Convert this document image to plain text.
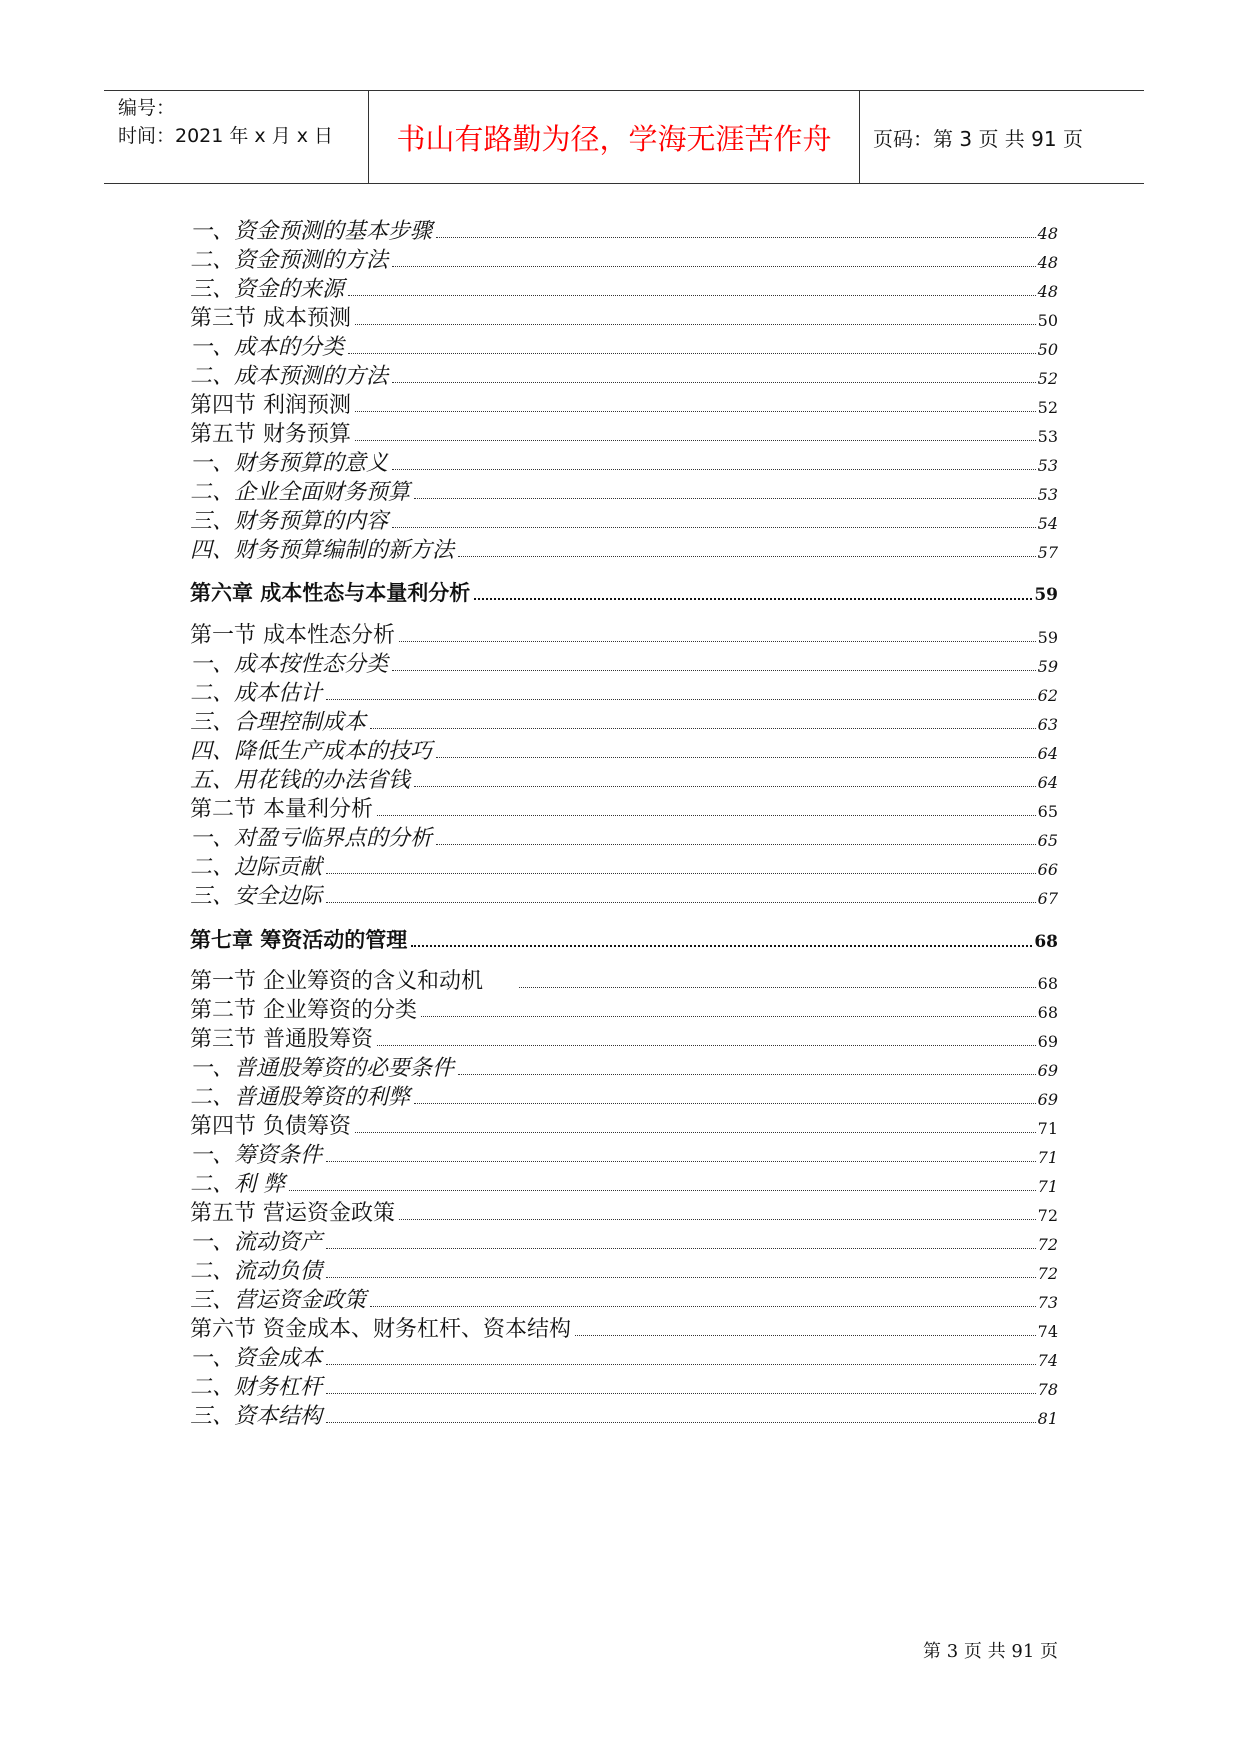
编号：
时间：2021 年 x 月 x 日 书山有路勤为径，学海无涯苦作舟 页码：第 3 页 共 91 页
一、资金预测的基本步骤	48
二、资金预测的方法	48
三、资金的来源	48
第三节 成本预测	50
一、成本的分类	50
二、成本预测的方法	52
第四节 利润预测	52
第五节 财务预算	53
一、财务预算的意义	53
二、企业全面财务预算	53
三、财务预算的内容	54
四、财务预算编制的新方法	57
第六章 成本性态与本量利分析	59
第一节 成本性态分析	59
一、成本按性态分类	59
二、成本估计	62
三、合理控制成本	63
四、降低生产成本的技巧	64
五、用花钱的办法省钱	64
第二节 本量利分析	65
一、对盈亏临界点的分析	65
二、边际贡献	66
三、安全边际	67
第七章 筹资活动的管理	68
第一节 企业筹资的含义和动机	68
第二节 企业筹资的分类	68
第三节 普通股筹资	69
一、普通股筹资的必要条件	69
二、普通股筹资的利弊	69
第四节 负债筹资	71
一、筹资条件	71
二、利 弊	71
第五节 营运资金政策	72
一、流动资产	72
二、流动负债	72
三、营运资金政策	73
第六节 资金成本、财务杠杆、资本结构	74
一、资金成本	74
二、财务杠杆	78
三、资本结构	81
第 3 页 共 91 页
